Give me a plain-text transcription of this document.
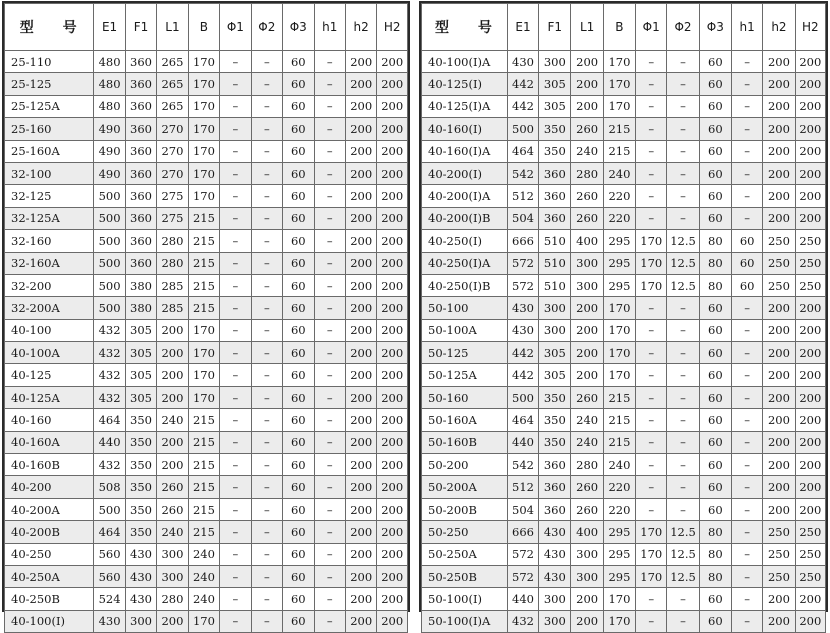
型 号	E1	F1	L1	B	Φ1	Φ2	Φ3	h1	h2	H2
25-110	480	360	265	170	–	–	60	–	200	200
25-125	480	360	265	170	–	–	60	–	200	200
25-125A	480	360	265	170	–	–	60	–	200	200
25-160	490	360	270	170	–	–	60	–	200	200
25-160A	490	360	270	170	–	–	60	–	200	200
32-100	490	360	270	170	–	–	60	–	200	200
32-125	500	360	275	170	–	–	60	–	200	200
32-125A	500	360	275	215	–	–	60	–	200	200
32-160	500	360	280	215	–	–	60	–	200	200
32-160A	500	360	280	215	–	–	60	–	200	200
32-200	500	380	285	215	–	–	60	–	200	200
32-200A	500	380	285	215	–	–	60	–	200	200
40-100	432	305	200	170	–	–	60	–	200	200
40-100A	432	305	200	170	–	–	60	–	200	200
40-125	432	305	200	170	–	–	60	–	200	200
40-125A	432	305	200	170	–	–	60	–	200	200
40-160	464	350	240	215	–	–	60	–	200	200
40-160A	440	350	200	215	–	–	60	–	200	200
40-160B	432	350	200	215	–	–	60	–	200	200
40-200	508	350	260	215	–	–	60	–	200	200
40-200A	500	350	260	215	–	–	60	–	200	200
40-200B	464	350	240	215	–	–	60	–	200	200
40-250	560	430	300	240	–	–	60	–	200	200
40-250A	560	430	300	240	–	–	60	–	200	200
40-250B	524	430	280	240	–	–	60	–	200	200
40-100(I)	430	300	200	170	–	–	60	–	200	200
型 号	E1	F1	L1	B	Φ1	Φ2	Φ3	h1	h2	H2
40-100(I)A	430	300	200	170	–	–	60	–	200	200
40-125(I)	442	305	200	170	–	–	60	–	200	200
40-125(I)A	442	305	200	170	–	–	60	–	200	200
40-160(I)	500	350	260	215	–	–	60	–	200	200
40-160(I)A	464	350	240	215	–	–	60	–	200	200
40-200(I)	542	360	280	240	–	–	60	–	200	200
40-200(I)A	512	360	260	220	–	–	60	–	200	200
40-200(I)B	504	360	260	220	–	–	60	–	200	200
40-250(I)	666	510	400	295	170	12.5	80	60	250	250
40-250(I)A	572	510	300	295	170	12.5	80	60	250	250
40-250(I)B	572	510	300	295	170	12.5	80	60	250	250
50-100	430	300	200	170	–	–	60	–	200	200
50-100A	430	300	200	170	–	–	60	–	200	200
50-125	442	305	200	170	–	–	60	–	200	200
50-125A	442	305	200	170	–	–	60	–	200	200
50-160	500	350	260	215	–	–	60	–	200	200
50-160A	464	350	240	215	–	–	60	–	200	200
50-160B	440	350	240	215	–	–	60	–	200	200
50-200	542	360	280	240	–	–	60	–	200	200
50-200A	512	360	260	220	–	–	60	–	200	200
50-200B	504	360	260	220	–	–	60	–	200	200
50-250	666	430	400	295	170	12.5	80	–	250	250
50-250A	572	430	300	295	170	12.5	80	–	250	250
50-250B	572	430	300	295	170	12.5	80	–	250	250
50-100(I)	440	300	200	170	–	–	60	–	200	200
50-100(I)A	432	300	200	170	–	–	60	–	200	200
